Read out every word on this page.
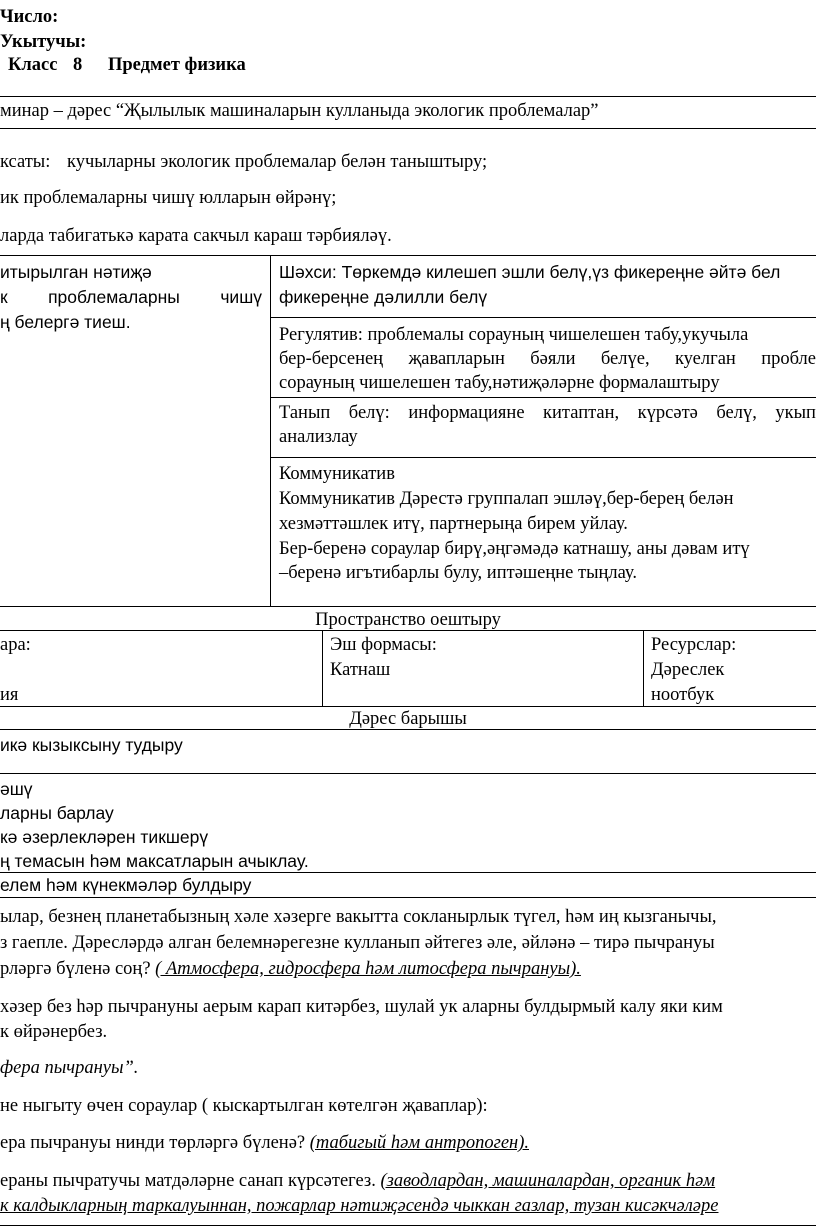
Число:
Укытучы:
Класс 8 Предмет физика
минар – дәрес “Җылылык машиналарын кулланыда экологик проблемалар”
ксаты: кучыларны экологик проблемалар белән таныштыру;
ик проблемаларны чишү юлларын өйрәнү;
ларда табигатькә карата сакчыл караш тәрбияләү.
итырылган нәтиҗә
к проблемаларны чишү
ң белергә тиеш.
Шәхси: Төркемдә килешеп эшли белү,үз фикереңне әйтә бел
фикереңне дәлилли белү
Регулятив: проблемалы сорауның чишелешен табу,укучыла
бер-берсенең җавапларын бәяли белүе, куелган пробле
сорауның чишелешен табу,нәтиҗәләрне формалаштыру
Танып белү: информацияне китаптан, күрсәтә белү, укып
анализлау
Коммуникатив
Коммуникатив Дәрестә группалап эшләү,бер-берең белән
хезмәттәшлек итү, партнерыңа бирем уйлау.
Бер-беренә сораулар бирү,әңгәмәдә катнашу, аны дәвам итү
–беренә игътибарлы булу, иптәшеңне тыңлау.
Пространство оештыру
ара:
ия
Эш формасы:
Катнаш
Ресурслар:
Дәреслек
ноотбук
Дәрес барышы
икә кызыксыну тудыру
әшү
ларны барлау
кә әзерлекләрен тикшерү
ң темасын һәм максатларын ачыклау.
елем һәм күнекмәләр булдыру
ылар, безнең планетабызның хәле хәзерге вакытта сокланырлык түгел, һәм иң кызганычы,
з гаепле. Дәресләрдә алган белемнәрегезне кулланып әйтегез әле, әйләнә – тирә пычрануы
рләргә бүленә соң? ( Атмосфера, гидросфера һәм литосфера пычрануы).
хәзер без һәр пычрануны аерым карап китәрбез, шулай ук аларны булдырмый калу яки ким
к өйрәнербез.
фера пычрануы”.
не ныгыту өчен сораулар ( кыскартылган кѳтелгән җаваплар):
ера пычрануы нинди төрләргә бүленә? (табигый һәм антропоген).
ераны пычратучы матдәләрне санап күрсәтегез. (заводлардан, машиналардан, органик һәм
к калдыкларның таркалуыннан, пожарлар нәтиҗәсендә чыккан газлар, тузан кисәкчәләре
